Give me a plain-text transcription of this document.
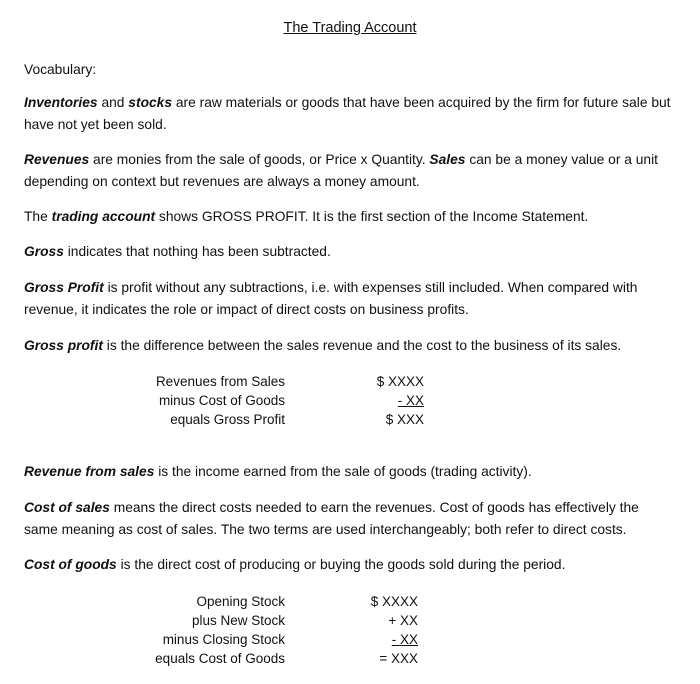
The Trading Account

Vocabulary:

Inventories and stocks are raw materials or goods that have been acquired by the firm for future sale but have not yet been sold.

Revenues are monies from the sale of goods, or Price x Quantity. Sales can be a money value or a unit depending on context but revenues are always a money amount.

The trading account shows GROSS PROFIT. It is the first section of the Income Statement.

Gross indicates that nothing has been subtracted.

Gross Profit is profit without any subtractions, i.e. with expenses still included. When compared with revenue, it indicates the role or impact of direct costs on business profits.

Gross profit is the difference between the sales revenue and the cost to the business of its sales.

Revenues from Sales	$ XXXX
minus Cost of Goods	- XX
equals Gross Profit	$ XXX

Revenue from sales is the income earned from the sale of goods (trading activity).

Cost of sales means the direct costs needed to earn the revenues. Cost of goods has effectively the same meaning as cost of sales. The two terms are used interchangeably; both refer to direct costs.

Cost of goods is the direct cost of producing or buying the goods sold during the period.

Opening Stock	$ XXXX
plus New Stock	+ XX
minus Closing Stock	- XX
equals Cost of Goods	= XXX
